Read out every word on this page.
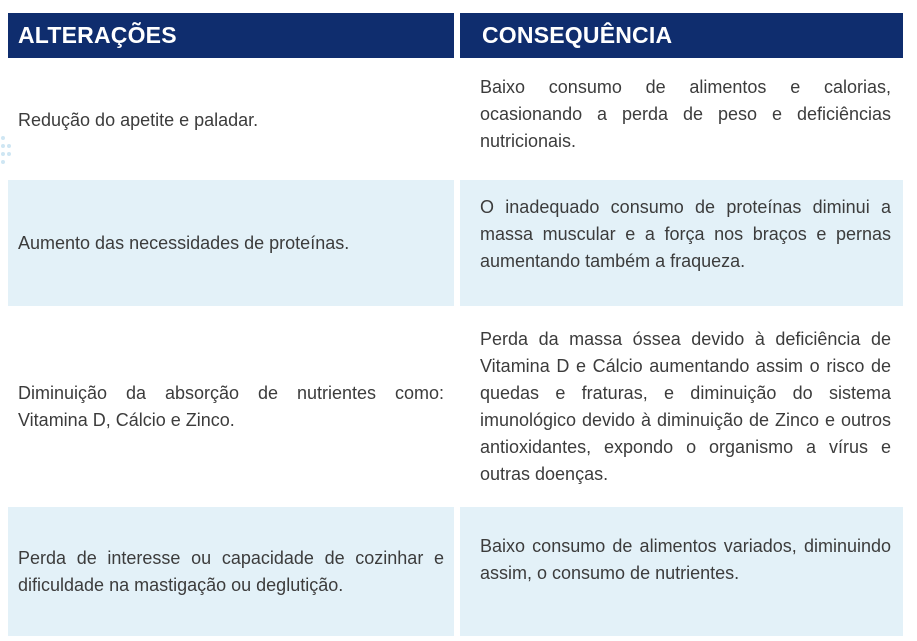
ALTERAÇÕES	CONSEQUÊNCIA
Redução do apetite e paladar.
Baixo consumo de alimentos e calorias, ocasionando a perda de peso e deficiências nutricionais.
Aumento das necessidades de proteínas.
O inadequado consumo de proteínas diminui a massa muscular e a força nos braços e pernas aumentando também a fraqueza.
Diminuição da absorção de nutrientes como: Vitamina D, Cálcio e Zinco.
Perda da massa óssea devido à deficiência de Vitamina D e Cálcio aumentando assim o risco de quedas e fraturas, e diminuição do sistema imunológico devido à diminuição de Zinco e outros antioxidantes, expondo o organismo a vírus e outras doenças.
Perda de interesse ou capacidade de cozinhar e dificuldade na mastigação ou deglutição.
Baixo consumo de alimentos variados, diminuindo assim, o consumo de nutrientes.
